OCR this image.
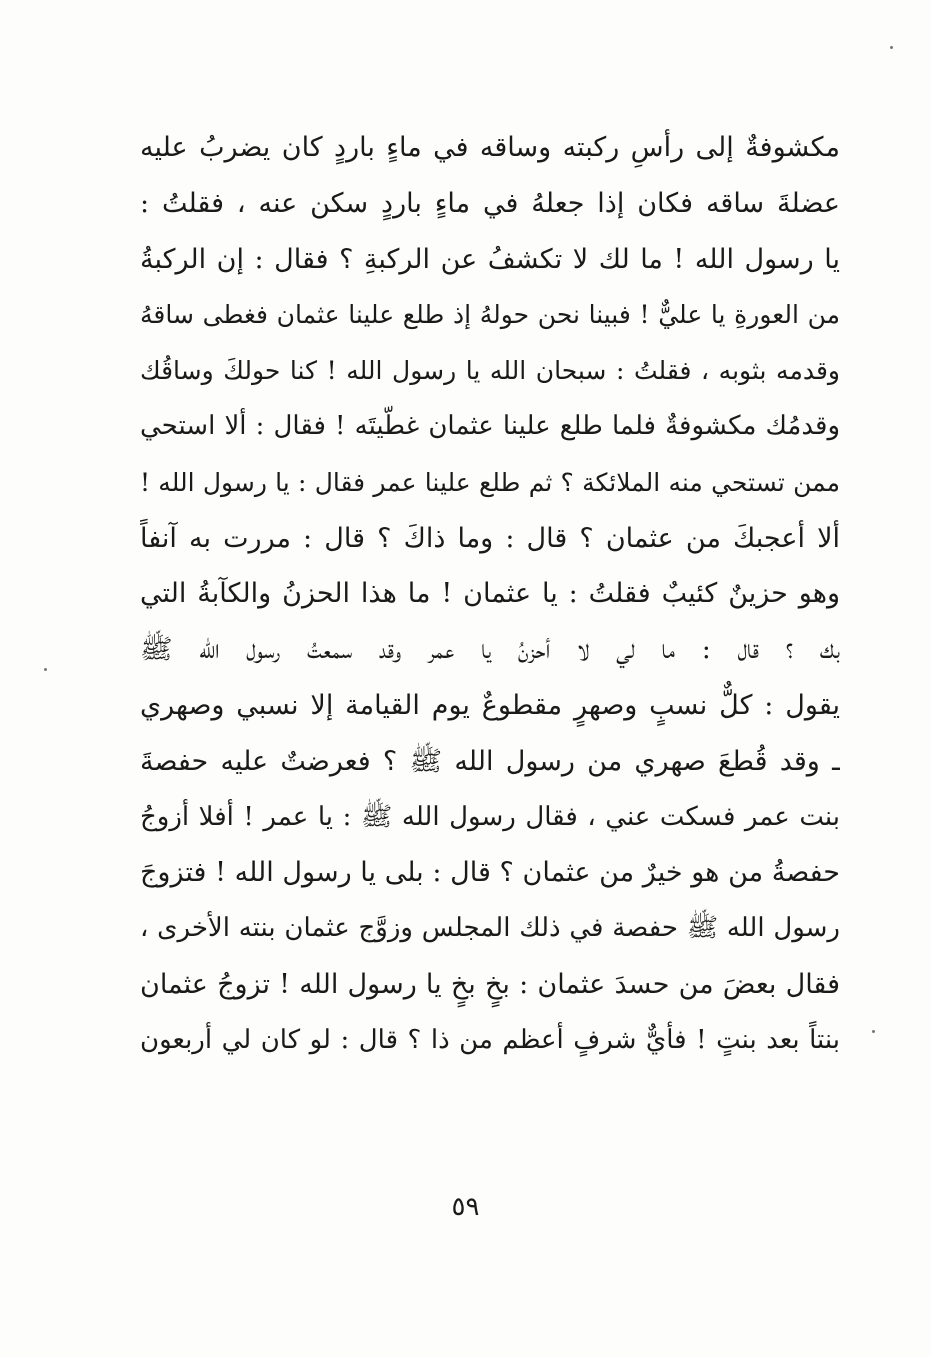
مكشوفةٌ إلى رأسِ ركبته وساقه في ماءٍ باردٍ كان يضربُ عليه
عضلةَ ساقه فكان إذا جعلهُ في ماءٍ باردٍ سكن عنه ، فقلتُ :
يا رسول الله ! ما لك لا تكشفُ عن الركبةِ ؟ فقال : إن الركبةُ
من العورةِ يا عليٌّ ! فبينا نحن حولهُ إذ طلع علينا عثمان فغطى ساقهُ
وقدمه بثوبه ، فقلتُ : سبحان الله يا رسول الله ! كنا حولكَ وساقُك
وقدمُك مكشوفةٌ فلما طلع علينا عثمان غطّيتَه ! فقال : ألا استحي
ممن تستحي منه الملائكة ؟ ثم طلع علينا عمر فقال : يا رسول الله !
ألا أعجبكَ من عثمان ؟ قال : وما ذاكَ ؟ قال : مررت به آنفاً
وهو حزينٌ كئيبٌ فقلتُ : يا عثمان ! ما هذا الحزنُ والكآبةُ التي
بك ؟ قال : ما لي لا أحزنُ يا عمر وقد سمعتُ رسول الله ﷺ
يقول : كلٌّ نسبٍ وصهرٍ مقطوعٌ يوم القيامة إلا نسبي وصهري
ـ وقد قُطعَ صهري من رسول الله ﷺ ؟ فعرضتٌ عليه حفصةَ
بنت عمر فسكت عني ، فقال رسول الله ﷺ : يا عمر ! أفلا أزوجُ
حفصةُ من هو خيرٌ من عثمان ؟ قال : بلى يا رسول الله ! فتزوجَ
رسول الله ﷺ حفصة في ذلك المجلس وزوَّج عثمان بنته الأخرى ،
فقال بعضَ من حسدَ عثمان : بخٍ بخٍ يا رسول الله ! تزوجُ عثمان
بنتاً بعد بنتٍ ! فأيٌّ شرفٍ أعظم من ذا ؟ قال : لو كان لي أربعون
٥٩
